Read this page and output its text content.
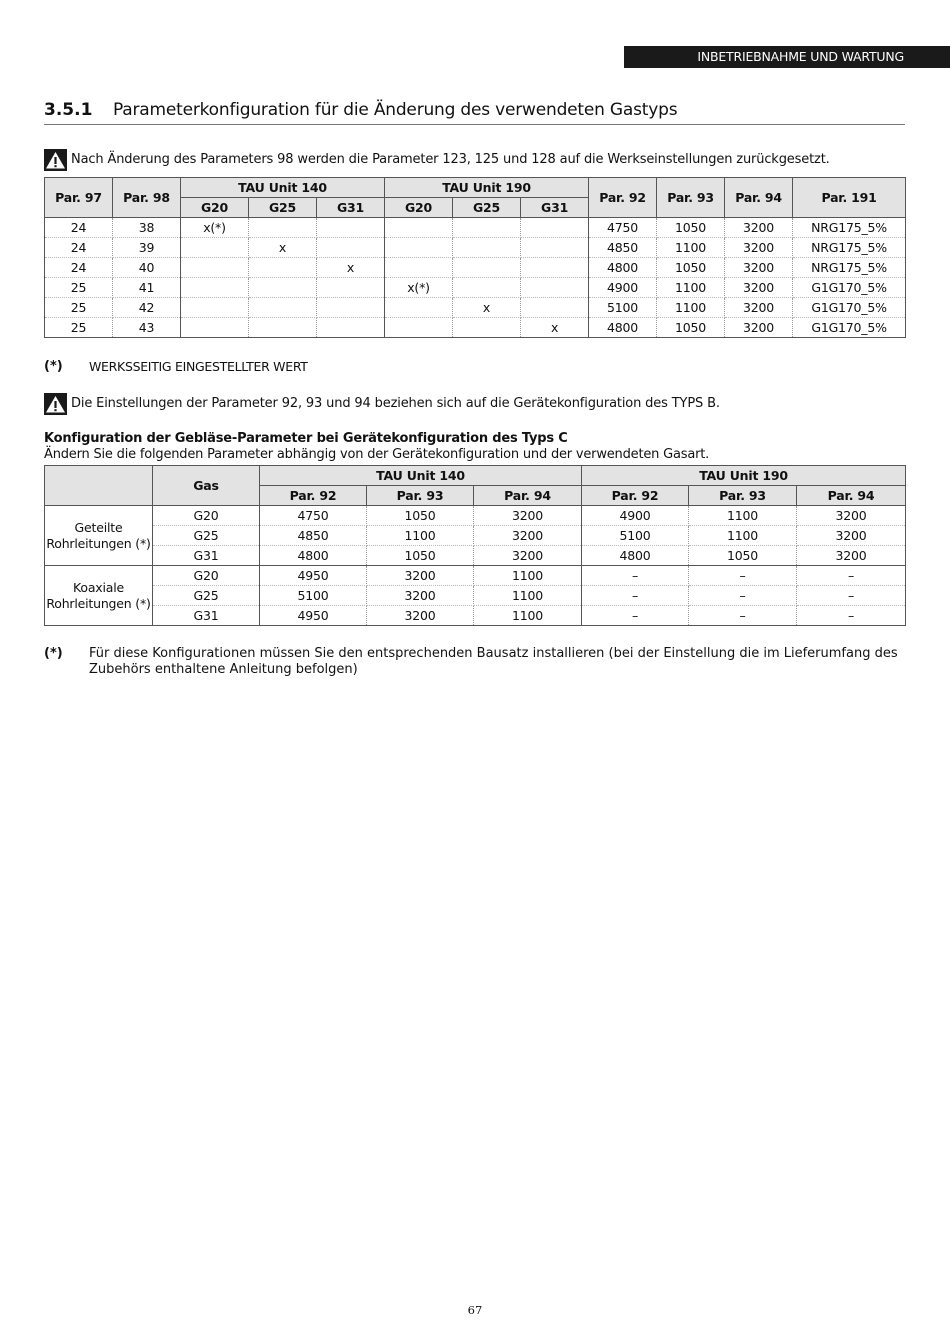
INBETRIEBNAHME UND WARTUNG
3.5.1 Parameterkonfiguration für die Änderung des verwendeten Gastyps
Nach Änderung des Parameters 98 werden die Parameter 123, 125 und 128 auf die Werkseinstellungen zurückgesetzt.
Par. 97	Par. 98	TAU Unit 140			TAU Unit 190			Par. 92	Par. 93	Par. 94	Par. 191
		G20	G25	G31	G20	G25	G31				
24	38	x(*)						4750	1050	3200	NRG175_5%
24	39		x					4850	1100	3200	NRG175_5%
24	40			x				4800	1050	3200	NRG175_5%
25	41				x(*)			4900	1100	3200	G1G170_5%
25	42					x		5100	1100	3200	G1G170_5%
25	43						x	4800	1050	3200	G1G170_5%
(*) WERKSSEITIG EINGESTELLTER WERT
Die Einstellungen der Parameter 92, 93 und 94 beziehen sich auf die Gerätekonfiguration des TYPS B.
Konfiguration der Gebläse-Parameter bei Gerätekonfiguration des Typs C
Ändern Sie die folgenden Parameter abhängig von der Gerätekonfiguration und der verwendeten Gasart.
	Gas	TAU Unit 140			TAU Unit 190		
		Par. 92	Par. 93	Par. 94	Par. 92	Par. 93	Par. 94
Geteilte Rohrleitungen (*)	G20	4750	1050	3200	4900	1100	3200
	G25	4850	1100	3200	5100	1100	3200
	G31	4800	1050	3200	4800	1050	3200
Koaxiale Rohrleitungen (*)	G20	4950	3200	1100	–	–	–
	G25	5100	3200	1100	–	–	–
	G31	4950	3200	1100	–	–	–
(*) Für diese Konfigurationen müssen Sie den entsprechenden Bausatz installieren (bei der Einstellung die im Lieferumfang des Zubehörs enthaltene Anleitung befolgen)
67
